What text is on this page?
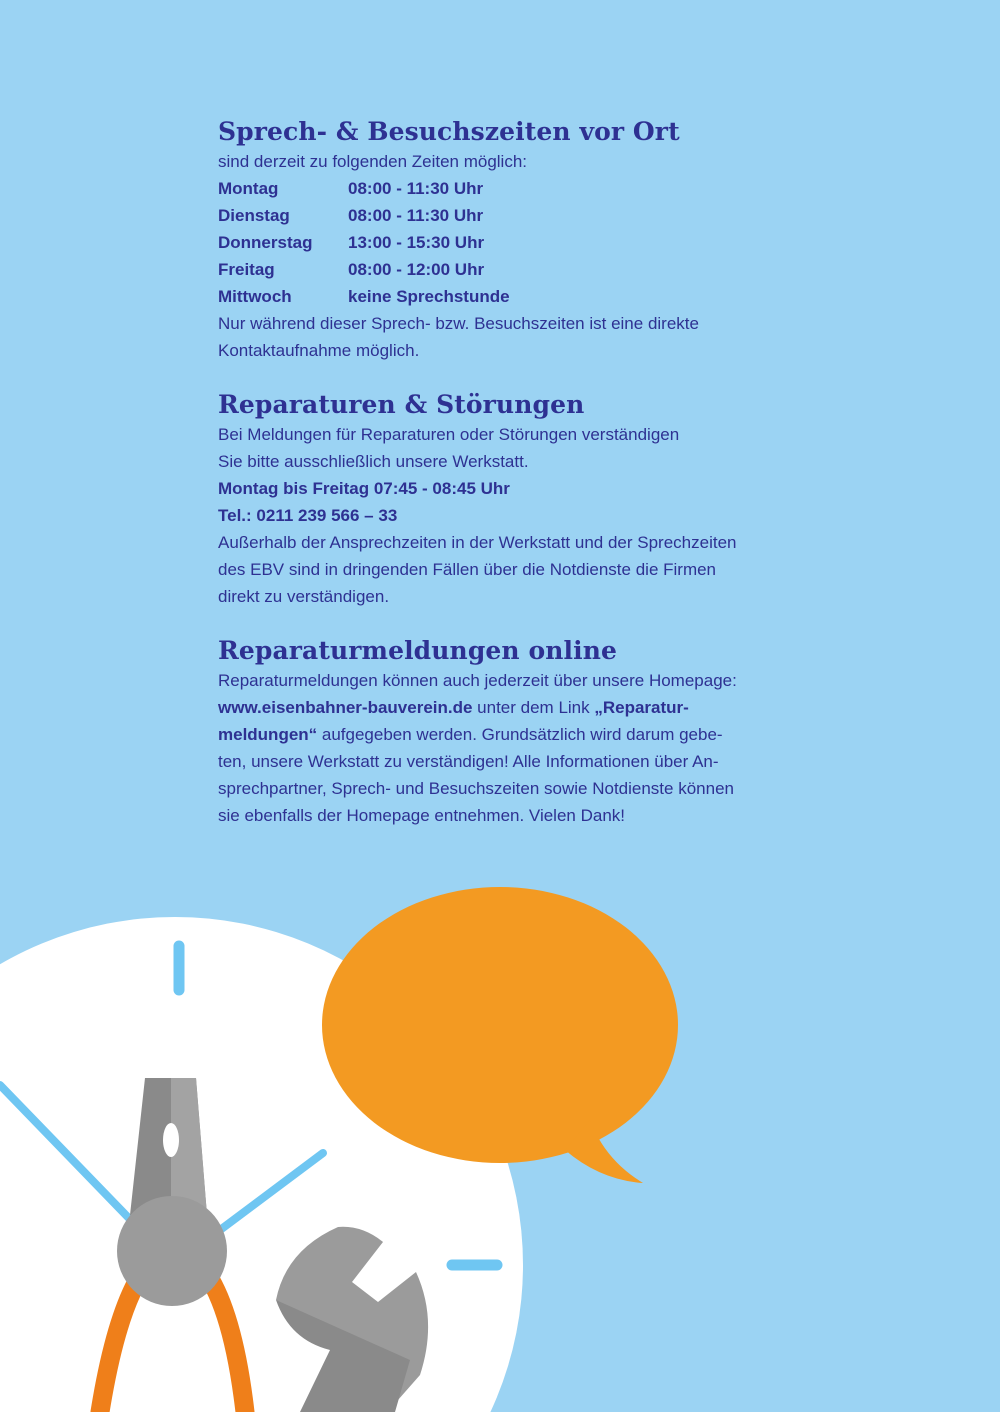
Sprech- & Besuchszeiten vor Ort

sind derzeit zu folgenden Zeiten möglich:

Montag	08:00 - 11:30 Uhr
Dienstag	08:00 - 11:30 Uhr
Donnerstag	13:00 - 15:30 Uhr
Freitag	08:00 - 12:00 Uhr
Mittwoch	keine Sprechstunde

Nur während dieser Sprech- bzw. Besuchszeiten ist eine direkte

Kontaktaufnahme möglich.

Reparaturen & Störungen

Bei Meldungen für Reparaturen oder Störungen verständigen

Sie bitte ausschließlich unsere Werkstatt.

Montag bis Freitag 07:45 - 08:45 Uhr

Tel.: 0211 239 566 – 33

Außerhalb der Ansprechzeiten in der Werkstatt und der Sprechzeiten

des EBV sind in dringenden Fällen über die Notdienste die Firmen

direkt zu verständigen.

Reparaturmeldungen online

Reparaturmeldungen können auch jederzeit über unsere Homepage:

www.eisenbahner-bauverein.de unter dem Link „Reparatur-

meldungen“ aufgegeben werden. Grundsätzlich wird darum gebe-

ten, unsere Werkstatt zu verständigen! Alle Informationen über An-

sprechpartner, Sprech- und Besuchszeiten sowie Notdienste können

sie ebenfalls der Homepage entnehmen. Vielen Dank!
